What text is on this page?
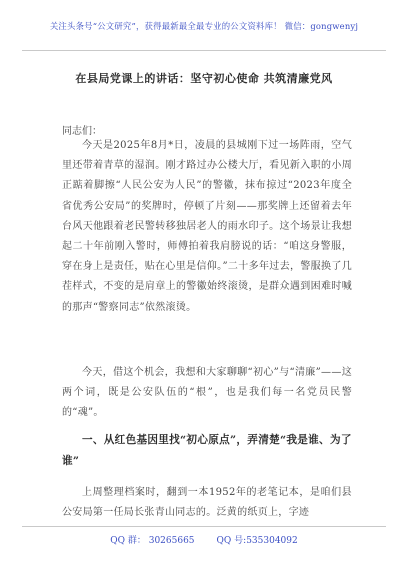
关注头条号“公文研究”，获得最新最全最专业的公文资料库！ 微信：gongwenyj
在县局党课上的讲话：坚守初心使命 共筑清廉党风
同志们：

今天是2025年8月*日，凌晨的县城刚下过一场阵雨，空气里还带着青草的湿润。刚才路过办公楼大厅，看见新入职的小周正踮着脚擦“人民公安为人民”的警徽，抹布掠过“2023年度全省优秀公安局”的奖牌时，停顿了片刻——那奖牌上还留着去年台风天他跟着老民警转移独居老人的雨水印子。这个场景让我想起二十年前刚入警时，师傅拍着我肩膀说的话：“咱这身警服，穿在身上是责任，贴在心里是信仰。”二十多年过去，警服换了几茬样式，不变的是肩章上的警徽始终滚烫，是群众遇到困难时喊的那声“警察同志”依然滚烫。

今天，借这个机会，我想和大家聊聊“初心”与“清廉”——这两个词，既是公安队伍的“根”，也是我们每一名党员民警的“魂”。

一、从红色基因里找“初心原点”，弄清楚“我是谁、为了谁”

上周整理档案时，翻到一本1952年的老笔记本，是咱们县公安局第一任局长张青山同志的。泛黄的纸页上，字迹

QQ 群： 30265665 QQ 号:535304092
